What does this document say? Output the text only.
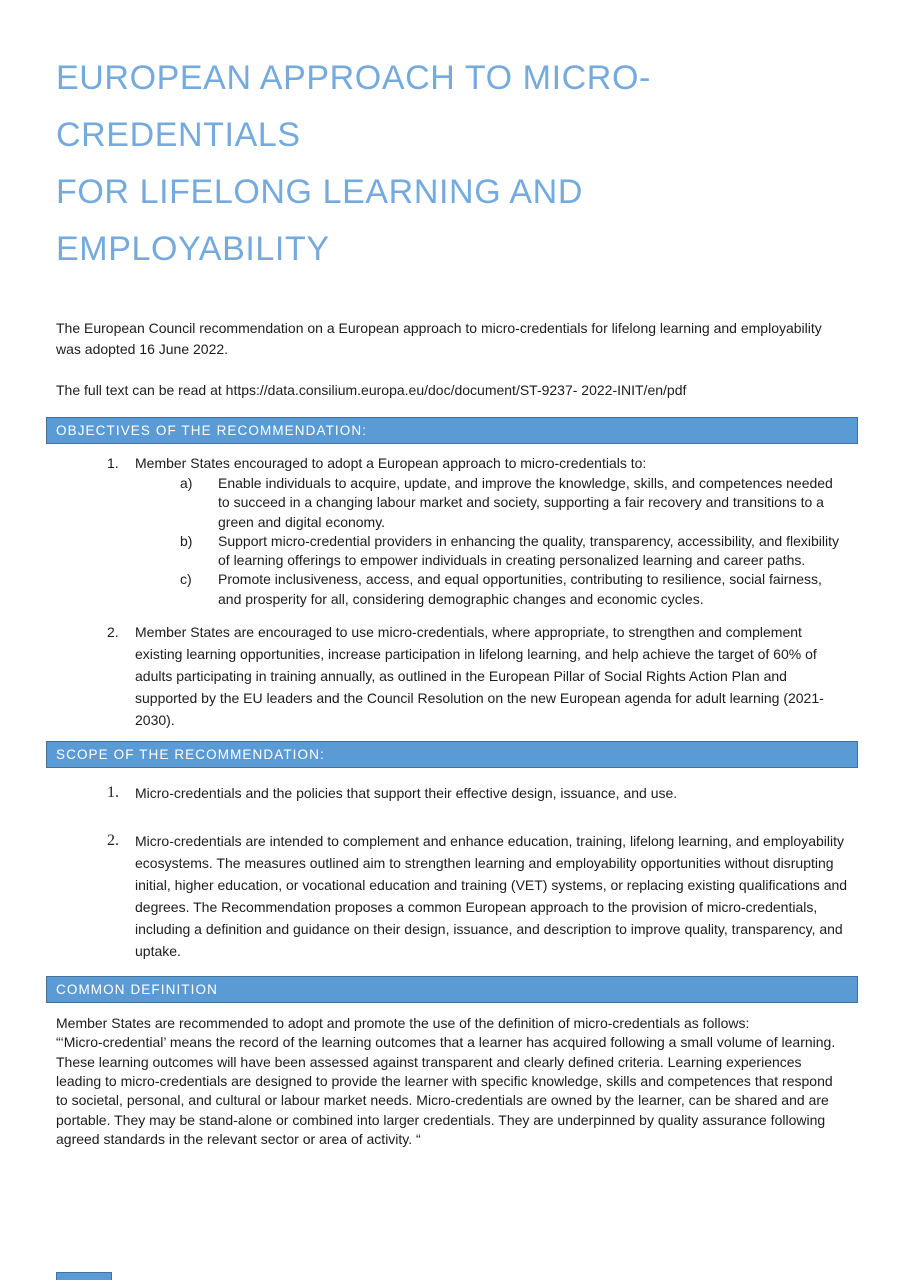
EUROPEAN APPROACH TO MICRO-CREDENTIALS
FOR LIFELONG LEARNING AND EMPLOYABILITY

The European Council recommendation on a European approach to micro-credentials for lifelong learning and employability was adopted 16 June 2022.

The full text can be read at https://data.consilium.europa.eu/doc/document/ST-9237- 2022-INIT/en/pdf

OBJECTIVES OF THE RECOMMENDATION:
1.	Member States encouraged to adopt a European approach to micro-credentials to:
a)	Enable individuals to acquire, update, and improve the knowledge, skills, and competences needed to succeed in a changing labour market and society, supporting a fair recovery and transitions to a green and digital economy.
b)	Support micro-credential providers in enhancing the quality, transparency, accessibility, and flexibility of learning offerings to empower individuals in creating personalized learning and career paths.
c)	Promote inclusiveness, access, and equal opportunities, contributing to resilience, social fairness, and prosperity for all, considering demographic changes and economic cycles.
2.	Member States are encouraged to use micro-credentials, where appropriate, to strengthen and complement existing learning opportunities, increase participation in lifelong learning, and help achieve the target of 60% of adults participating in training annually, as outlined in the European Pillar of Social Rights Action Plan and supported by the EU leaders and the Council Resolution on the new European agenda for adult learning (2021-2030).
SCOPE OF THE RECOMMENDATION:
1.	Micro-credentials and the policies that support their effective design, issuance, and use.
2.	Micro-credentials are intended to complement and enhance education, training, lifelong learning, and employability ecosystems. The measures outlined aim to strengthen learning and employability opportunities without disrupting initial, higher education, or vocational education and training (VET) systems, or replacing existing qualifications and degrees. The Recommendation proposes a common European approach to the provision of micro-credentials, including a definition and guidance on their design, issuance, and description to improve quality, transparency, and uptake.
COMMON DEFINITION
Member States are recommended to adopt and promote the use of the definition of micro-credentials as follows:
“‘Micro-credential’ means the record of the learning outcomes that a learner has acquired following a small volume of learning. These learning outcomes will have been assessed against transparent and clearly defined criteria. Learning experiences leading to micro-credentials are designed to provide the learner with specific knowledge, skills and competences that respond to societal, personal, and cultural or labour market needs. Micro-credentials are owned by the learner, can be shared and are portable. They may be stand-alone or combined into larger credentials. They are underpinned by quality assurance following agreed standards in the relevant sector or area of activity. “
